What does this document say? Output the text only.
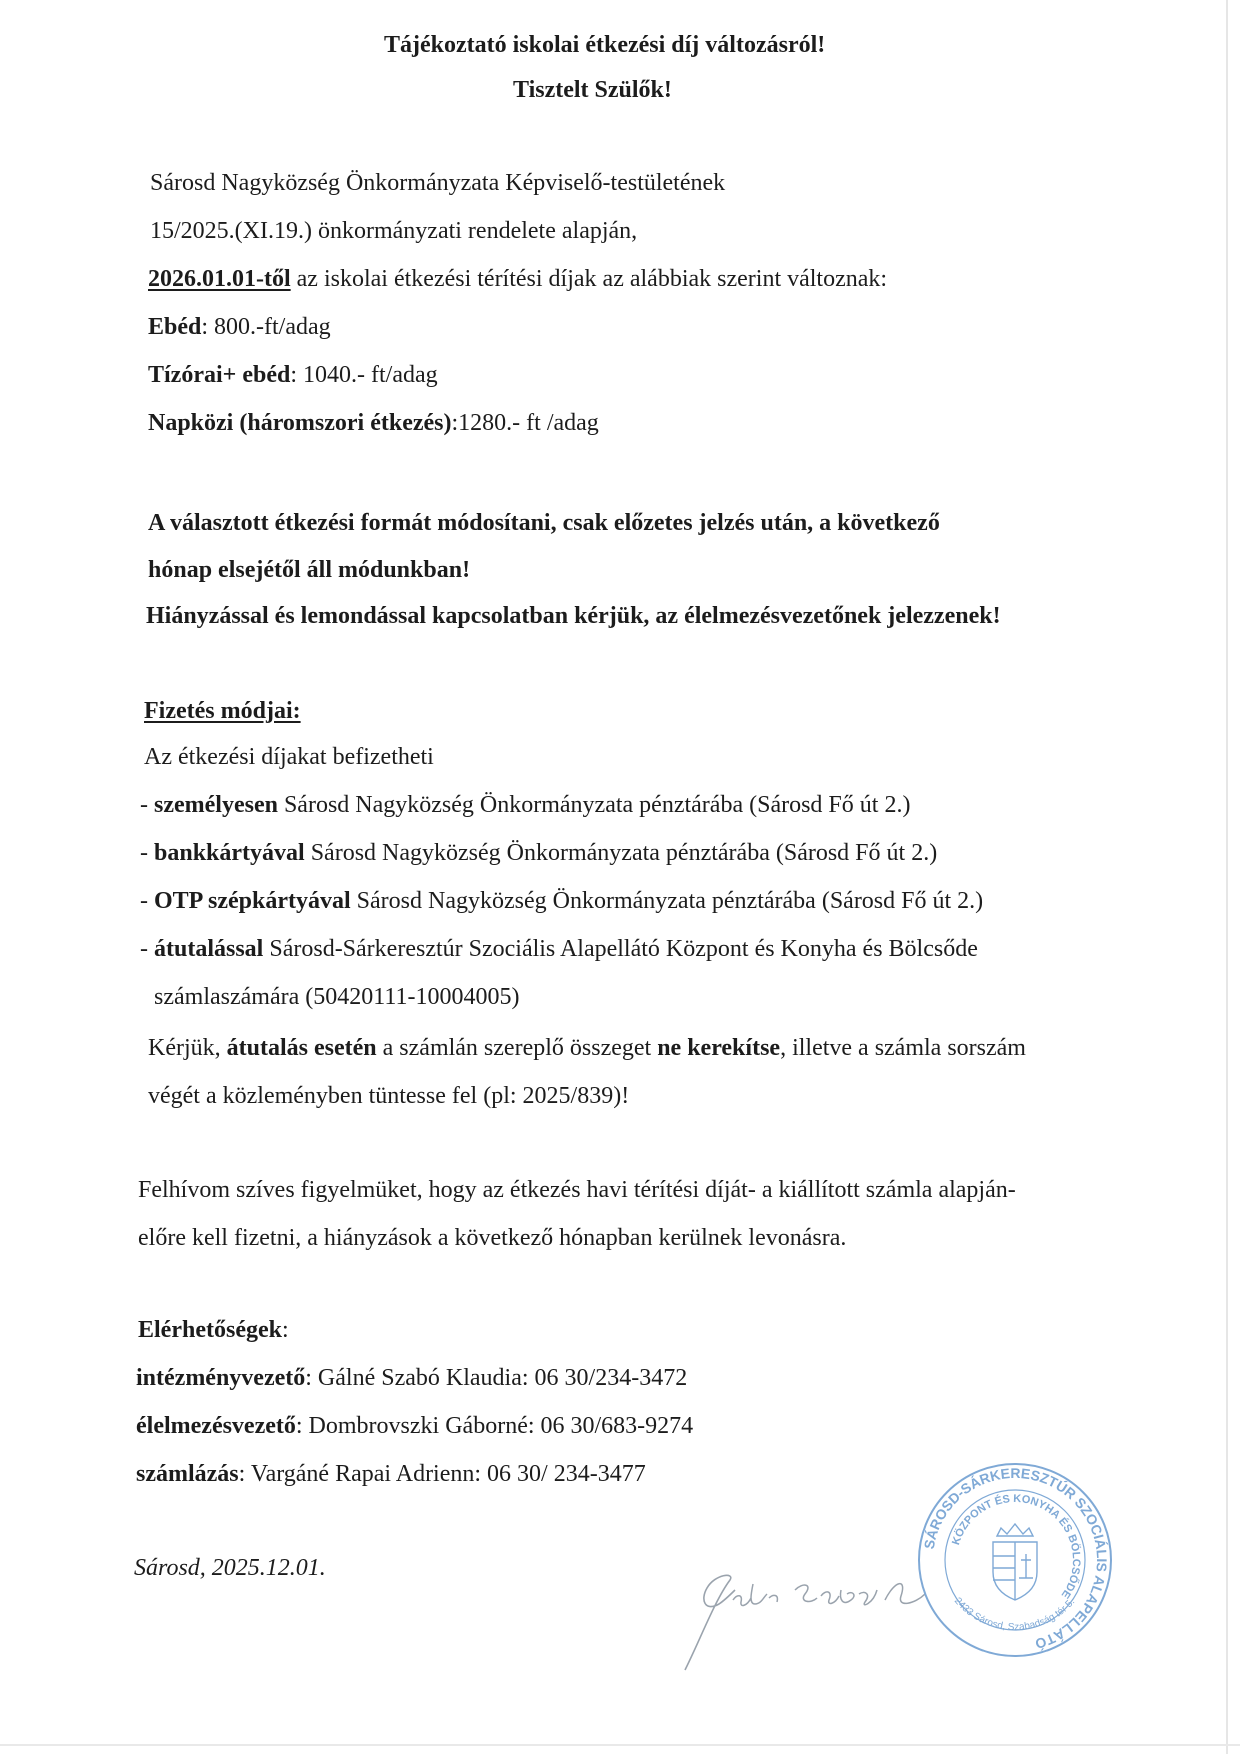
Tájékoztató iskolai étkezési díj változásról!
Tisztelt Szülők!
Sárosd Nagyközség Önkormányzata Képviselő-testületének
15/2025.(XI.19.) önkormányzati rendelete alapján,
2026.01.01-től az iskolai étkezési térítési díjak az alábbiak szerint változnak:
Ebéd: 800.-ft/adag
Tízórai+ ebéd: 1040.- ft/adag
Napközi (háromszori étkezés):1280.- ft /adag
A választott étkezési formát módosítani, csak előzetes jelzés után, a következő
hónap elsejétől áll módunkban!
Hiányzással és lemondással kapcsolatban kérjük, az élelmezésvezetőnek jelezzenek!
Fizetés módjai:
Az étkezési díjakat befizetheti
- személyesen Sárosd Nagyközség Önkormányzata pénztárába (Sárosd Fő út 2.)
- bankkártyával Sárosd Nagyközség Önkormányzata pénztárába (Sárosd Fő út 2.)
- OTP szépkártyával Sárosd Nagyközség Önkormányzata pénztárába (Sárosd Fő út 2.)
- átutalással Sárosd-Sárkeresztúr Szociális Alapellátó Központ és Konyha és Bölcsőde
számlaszámára (50420111-10004005)
Kérjük, átutalás esetén a számlán szereplő összeget ne kerekítse, illetve a számla sorszám
végét a közleményben tüntesse fel (pl: 2025/839)!
Felhívom szíves figyelmüket, hogy az étkezés havi térítési díját- a kiállított számla alapján-
előre kell fizetni, a hiányzások a következő hónapban kerülnek levonásra.
Elérhetőségek:
intézményvezető: Gálné Szabó Klaudia: 06 30/234-3472
élelmezésvezető: Dombrovszki Gáborné: 06 30/683-9274
számlázás: Vargáné Rapai Adrienn: 06 30/ 234-3477
Sárosd, 2025.12.01.	Gálné Szabó K.
SÁROSD-SÁRKERESZTÚR SZOCIÁLIS ALAPELLÁTÓ
KÖZPONT ÉS KONYHA ÉS BÖLCSŐDE
2433 Sárosd, Szabadság tér 5.
